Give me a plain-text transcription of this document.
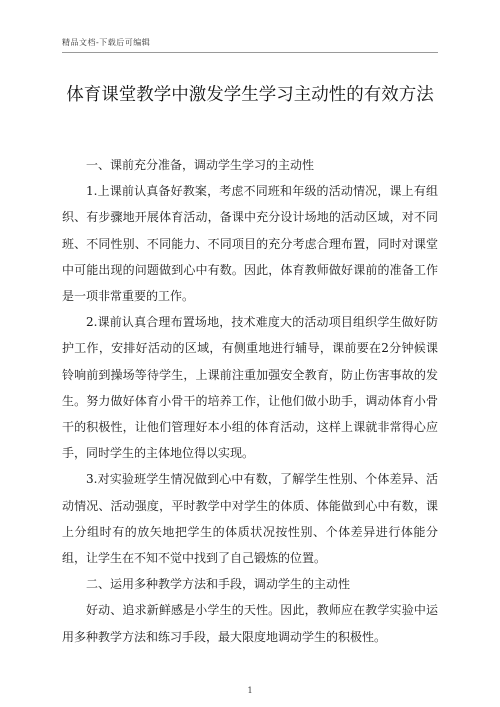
精品文档-下载后可编辑
体育课堂教学中激发学生学习主动性的有效方法

一、课前充分准备，调动学生学习的主动性

1.上课前认真备好教案，考虑不同班和年级的活动情况，课上有组织、有步骤地开展体育活动，备课中充分设计场地的活动区域，对不同班、不同性别、不同能力、不同项目的充分考虑合理布置，同时对课堂中可能出现的问题做到心中有数。因此，体育教师做好课前的准备工作是一项非常重要的工作。

2.课前认真合理布置场地，技术难度大的活动项目组织学生做好防护工作，安排好活动的区域，有侧重地进行辅导，课前要在2分钟候课铃响前到操场等待学生，上课前注重加强安全教育，防止伤害事故的发生。努力做好体育小骨干的培养工作，让他们做小助手，调动体育小骨干的积极性，让他们管理好本小组的体育活动，这样上课就非常得心应手，同时学生的主体地位得以实现。

3.对实验班学生情况做到心中有数，了解学生性别、个体差异、活动情况、活动强度，平时教学中对学生的体质、体能做到心中有数，课上分组时有的放矢地把学生的体质状况按性别、个体差异进行体能分组，让学生在不知不觉中找到了自己锻炼的位置。

二、运用多种教学方法和手段，调动学生的主动性

好动、追求新鲜感是小学生的天性。因此，教师应在教学实验中运用多种教学方法和练习手段，最大限度地调动学生的积极性。

1
